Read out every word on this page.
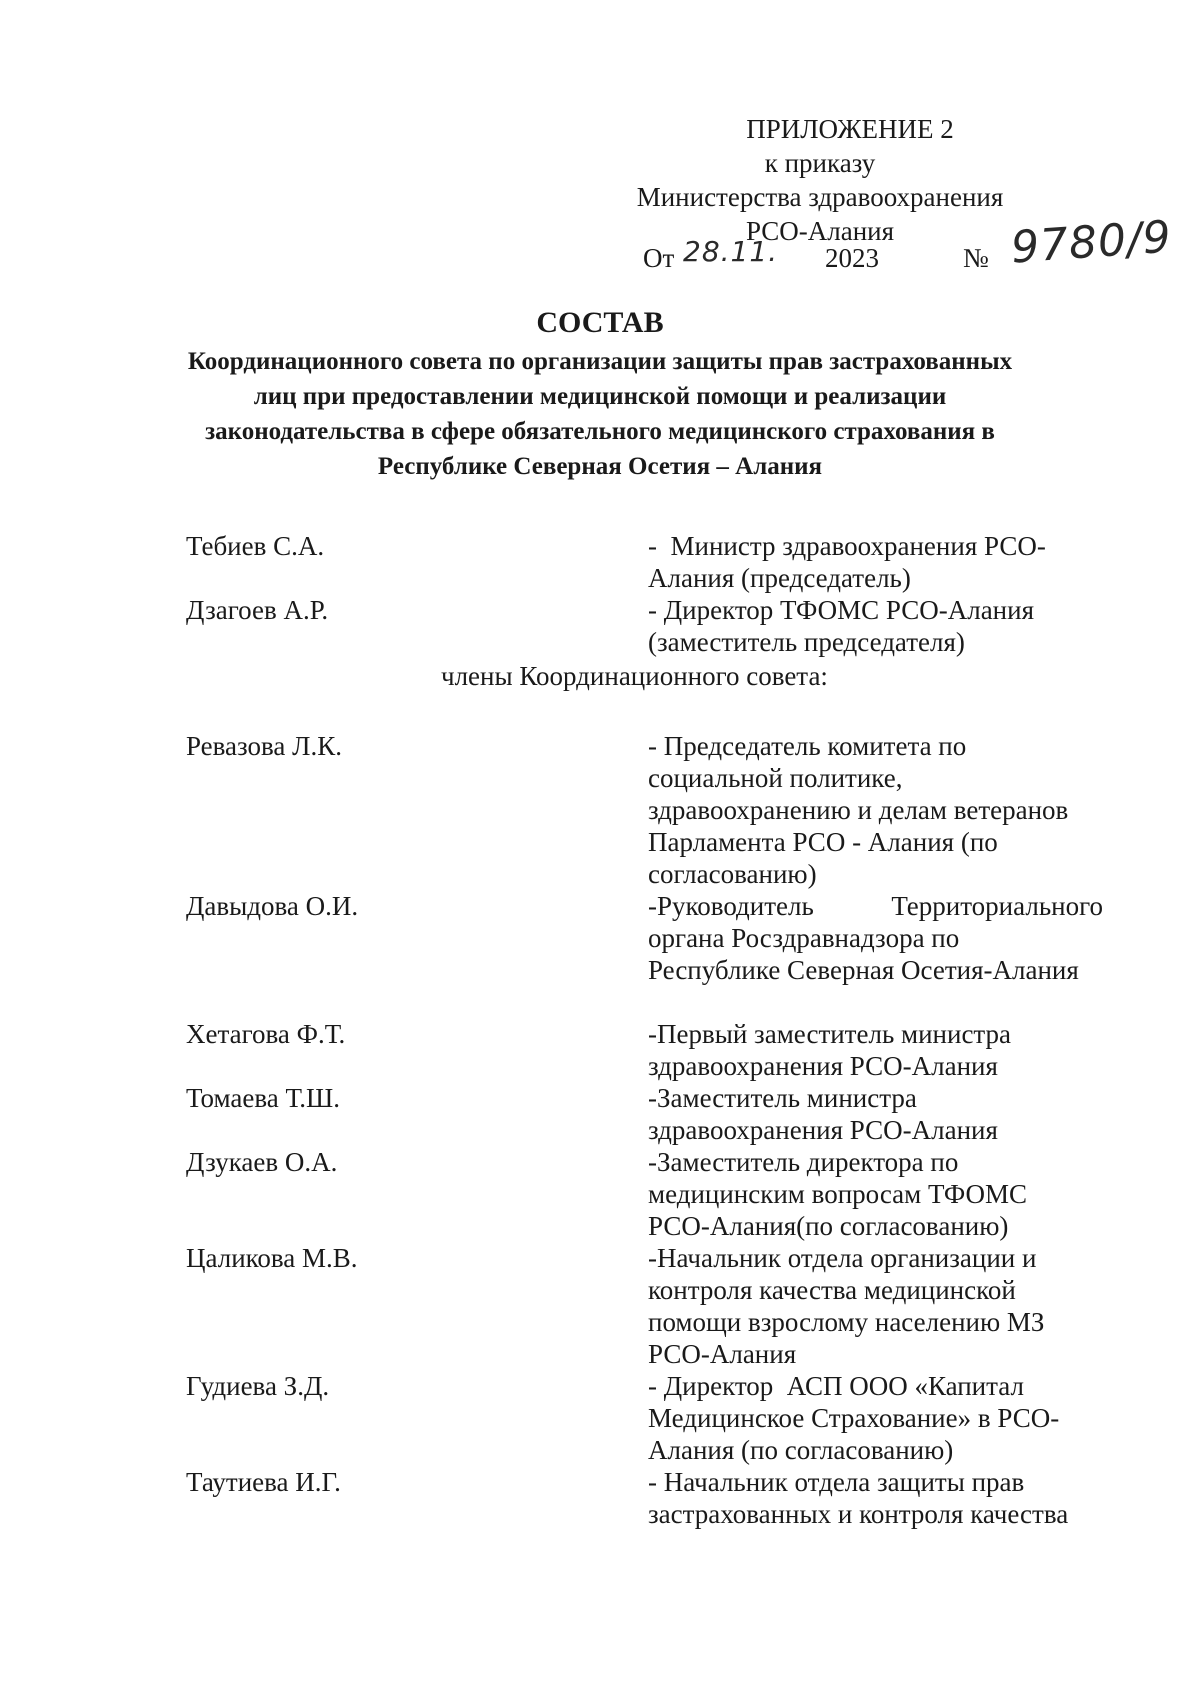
ПРИЛОЖЕНИЕ 2
к приказу
Министерства здравоохранения
РСО-Алания
От 28.11. 2023	№ 9780/9
СОСТАВ
Координационного совета по организации защиты прав застрахованных
лиц при предоставлении медицинской помощи и реализации
законодательства в сфере обязательного медицинского страхования в
Республике Северная Осетия – Алания
Тебиев С.А.	-  Министр здравоохранения РСО-
Алания (председатель)
Дзагоев А.Р.	- Директор ТФОМС РСО-Алания
(заместитель председателя)
члены Координационного совета:
Ревазова Л.К.	- Председатель комитета по
социальной политике,
здравоохранению и делам ветеранов
Парламента РСО - Алания (по
согласованию)
Давыдова О.И.	-Руководитель	Территориального
органа Росздравнадзора по
Республике Северная Осетия-Алания
Хетагова Ф.Т.	-Первый заместитель министра
здравоохранения РСО-Алания
Томаева Т.Ш.	-Заместитель министра
здравоохранения РСО-Алания
Дзукаев О.А.	-Заместитель директора по
медицинским вопросам ТФОМС
РСО-Алания(по согласованию)
Цаликова М.В.	-Начальник отдела организации и
контроля качества медицинской
помощи взрослому населению МЗ
РСО-Алания
Гудиева З.Д.	- Директор  АСП ООО «Капитал
Медицинское Страхование» в РСО-
Алания (по согласованию)
Таутиева И.Г.	- Начальник отдела защиты прав
застрахованных и контроля качества
